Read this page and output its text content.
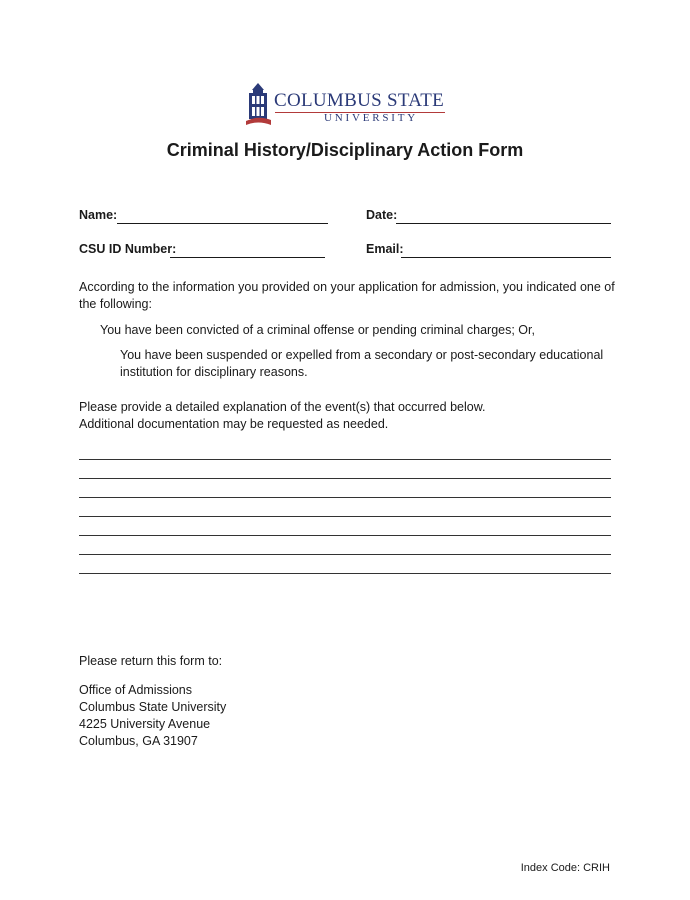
COLUMBUS STATE
UNIVERSITY
Criminal History/Disciplinary Action Form
Name:	Date:
CSU ID Number:	Email:
According to the information you provided on your application for admission, you indicated one of the following:
You have been convicted of a criminal offense or pending criminal charges; Or,
You have been suspended or expelled from a secondary or post-secondary educational institution for disciplinary reasons.
Please provide a detailed explanation of the event(s) that occurred below.
Additional documentation may be requested as needed.
Please return this form to:
Office of Admissions
Columbus State University
4225 University Avenue
Columbus, GA 31907
Index Code: CRIH
